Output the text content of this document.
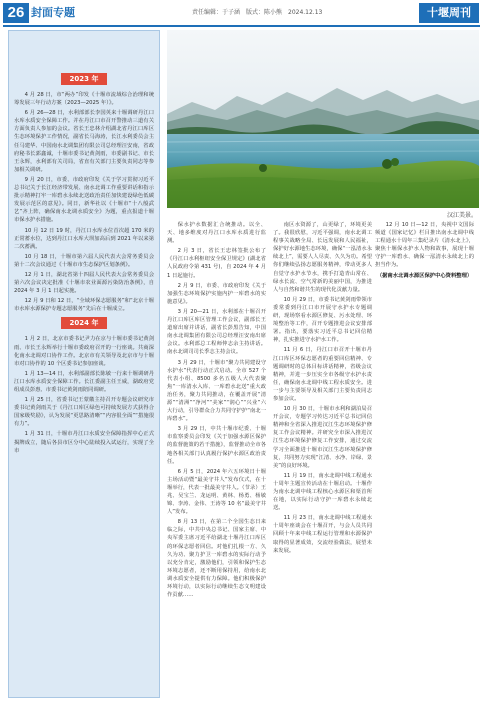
26 封面专题	责任编辑：于子涵　版式：陈小熊　2024.12.13	十堰周刊
2023 年

4 月 28 日，市“两办”印发《十堰市流域综合治理和统筹发展三年行动方案（2023—2025 年）》。

6 月 26—28 日，水利部部长李国英来十堰调研丹江口水库水质安全保障工作。并在丹江口市召开警推动三道有关方面负责人参加的会议。省长王忠林介绍湖北省丹江口库区生态环境保护工作情况，副省长马海涛，长江水利委员会主任马建华、中国南水北调集团有限公司总经理汪安南，省政府秘书长郭鑫诚，十堰市委书记黄剑雨，市委副书记、市长王永辉，水利部有关司局，省直有关部门主要负责同志等参加相关调研。

9 月 20 日，市委、市政府印发《关于学习贯彻习近平总书记关于长江经济带发展、南水北调工作重要讲话和指示批示精神打牢一库碧水永续北送政治责任加快建设绿色低碳发展示范区的意见》。同日，新华社以《十堰市“十八般武艺”齐上阵，确保南水北调水质安全》为题，重点报道十堰市保水护水措施。

10 月 12 日 19 时，丹江口水库水位首次超 170 米的正常蓄水位，达到丹江口水库大坝加高后到 2021 年以来第二次蓄满。

10 月 18 日，十堰市第六届人民代表大会常务委员会第十二次会议通过《十堰市市生态保护区划条例》。

12 月 1 日，湖北省第十四届人民代表大会常务委员会第六次会议决定批准《十堰市农业面源污染防治条例》，自 2024 年 3 月 1 日起实施。

12 月 9 日和 12 日，“全域环保志愿服务”和“北京十堰市水库水源保护专题志愿服务”先后在十堰成立。

2024 年

1 月 2 日，北京市委书记尹力在京与十堰市委书记黄剑雨、市长王永辉举行十堰市委政府召开的一行座谈。共商深化南水北调对口协作工作。北京市有关领导及北京市与十堰市对口协作的 10 个区委书记参加座谈。

1 月 13—14 日，水利部副部长陈敏一行来十堰调研丹江口水库水质安全保障工作。长江委副主任王威，湖政府党组成员彭惠、市委书记黄剑雨陪同调研。

1 月 25 日，省委书记王蒙徽主持召开专题会议研究市委书记黄剑雨关于《丹江口库区绿色可持续发展方式获得合国家级奖励》，认为发展“更思路清晰”“内容很全面”“措施很有力”。

1 月 31 日，十堰市丹江口水质安全保障指挥中心正式揭牌成立，随后各县市区分中心陆续投入试运行，实现了全市

汉江美景。

保水护水数据汇合统推动。以全、天、地多维度对丹江口水库水质进行监测。

2 月 3 日，省长王忠林签批公布了《丹江口水利枢纽安全保卫规定》(湖北省人民政府令第 431 号)，自 2024 年 4 月 1 日起施行。

2 月 9 日，市委、市政府印发《关于加强生态环境保护实施内护一库碧水的实施意见》。

3 月 20—21 日，水利部在十堰召开丹江口库区库区管理工作会议，副部长王道席出席并讲话，副省长彭黑告知，中国南水北调集团有限公司总经理汪安南出席会议。水利部总工程师仲志余主持讲话。南水北调司司长季志主持会议。

3 月 29 日，十堰市“聚力共同建设守水护水”代表行动正式启动。全市 527 个代表小组、8500 多名五级人大代表聚焦“一库清水入库、一库碧水北送”重大政治任务，聚力共同推动，在覆盖开展“清源”“清洲”“净河”“美家”“润心”“兴业”六大行动，引导群众合力共同守护护“南北一库碧水”。

3 月 29 日，中共十堰市纪委、十堰市监察委员会印发《关于加强水源区保护的监督施策的若干措施》，监督推动全市各地各相关部门认真履行保护水源区政治责任。

6 月 5 日，2024 年六五环境日十堰主场活动暨“最美守井人”发布仪式，在十堰举行，代表一批最美守井人。（节录）王兆、吴宝兰、龙运明、黄林、杨勇、杨敏锦、李涛、金伟、王涛等 10 名“最美守井人”发布。

8 月 13 日，在第二个全国生态日来临之际，中共中央总书记、国家主席、中央军委主席习近平给湖北十堰丹江口库区的环保志愿者回信。对他们扎根一方、久久为功、聚力护卫一库碧水的实际行动予以充分肯定，激励他们，引领和保护生态环境志愿者，还不断用保持用，给南水北调水质安全提供有力保障。他们积极保护环境行动，以实际行动继续生态文明建设作贡献……

南区水资源了，山更绿了，环境更美了。我很欣慰，习近平强调，南水北调工程事关战略全局、长远发展和人民福祉，保护好水源地生态环境，确保“一泓清水永续北上”，需要人人尽责、久久为功。希望你们继续弘扬志愿服务精神，带动更多人自觉守水护水节水，携手打造青山常在、绿水长流、空气常新的美丽中国，为推进人与自然和谐共生的现代化贡献力量。

10 月 29 日，市委书记黄剑雨带领市委常委到丹江口市开展守水护水专题调研，现场察看水源区修复、污水处理、环境整治等工作，召开专题推进会议安排部署。指出，要落实习近平总书记回信精神，扎实推进守水护水工作。

11 月 6 日，丹江口市召开十堰市丹江口库区环保志愿者的重要回信精神、专题调研时的总体目标讲话精神，省级会议精神，并进一步压实全市各级守水护水责任，确保南水北调中线工程水质安全。进一步与主要领导及相关部门主要负责同志参加会议。

10 月 30 日，十堰市水利和湖泊局召开会议，专题学习传达习近平总书记回信精神和全省深入推进汉江生态环境保护修复工作会议精神。并研究全市深入推进汉江生态环境保护修复工作安排，通过交流学习全面推进十堰市汉江生态环境保护修复，共同努力实现“江清、水净、岸绿、景美”的良好环境。

11 月 19 日，南水北调中线工程通水十周年主题宣传活动在十堰启动。十堰作为南水北调中线工程核心水源区和渠首所在地，以实际行动守护一库碧水永续北送。

11 月 23 日，南水北调中线工程通水十周年座谈会在十堰召开，与会人员共同回顾十年来中线工程运行管理和水源保护取得的显著成效，交流经验做法，展望未来发展。

12 月 10 日—12 日，央视中文国际频道《国家记忆》栏目推出南水北调中线工程通水十周年三集纪录片《清水北上》，聚焦十堰保水护水人物和故事，展现十堰守护一库碧水、确保一泓清水永续北上的担当作为。

（据南水北调水源区保护中心资料整理）
